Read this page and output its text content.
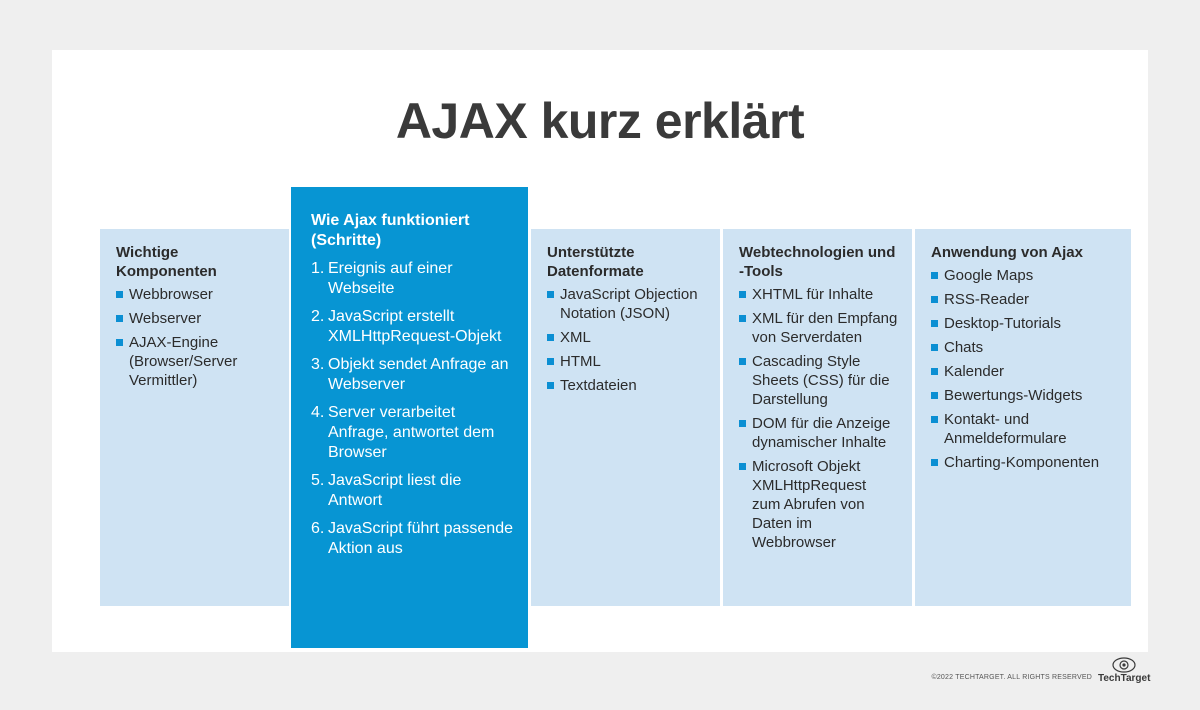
AJAX kurz erklärt
Wichtige Komponenten
Webbrowser
Webserver
AJAX-Engine (Browser/Server Vermittler)
Wie Ajax funktioniert (Schritte)
1. Ereignis auf einer Webseite
2. JavaScript erstellt XMLHttpRequest-Objekt
3. Objekt sendet Anfrage an Webserver
4. Server verarbeitet Anfrage, antwortet dem Browser
5. JavaScript liest die Antwort
6. JavaScript führt passende Aktion aus
Unterstützte Datenformate
JavaScript Objection Notation (JSON)
XML
HTML
Textdateien
Webtechnologien und -Tools
XHTML für Inhalte
XML für den Empfang von Serverdaten
Cascading Style Sheets (CSS) für die Darstellung
DOM für die Anzeige dynamischer Inhalte
Microsoft Objekt XMLHttpRequest zum Abrufen von Daten im Webbrowser
Anwendung von Ajax
Google Maps
RSS-Reader
Desktop-Tutorials
Chats
Kalender
Bewertungs-Widgets
Kontakt- und Anmeldeformulare
Charting-Komponenten
©2022 TECHTARGET. ALL RIGHTS RESERVED TechTarget
